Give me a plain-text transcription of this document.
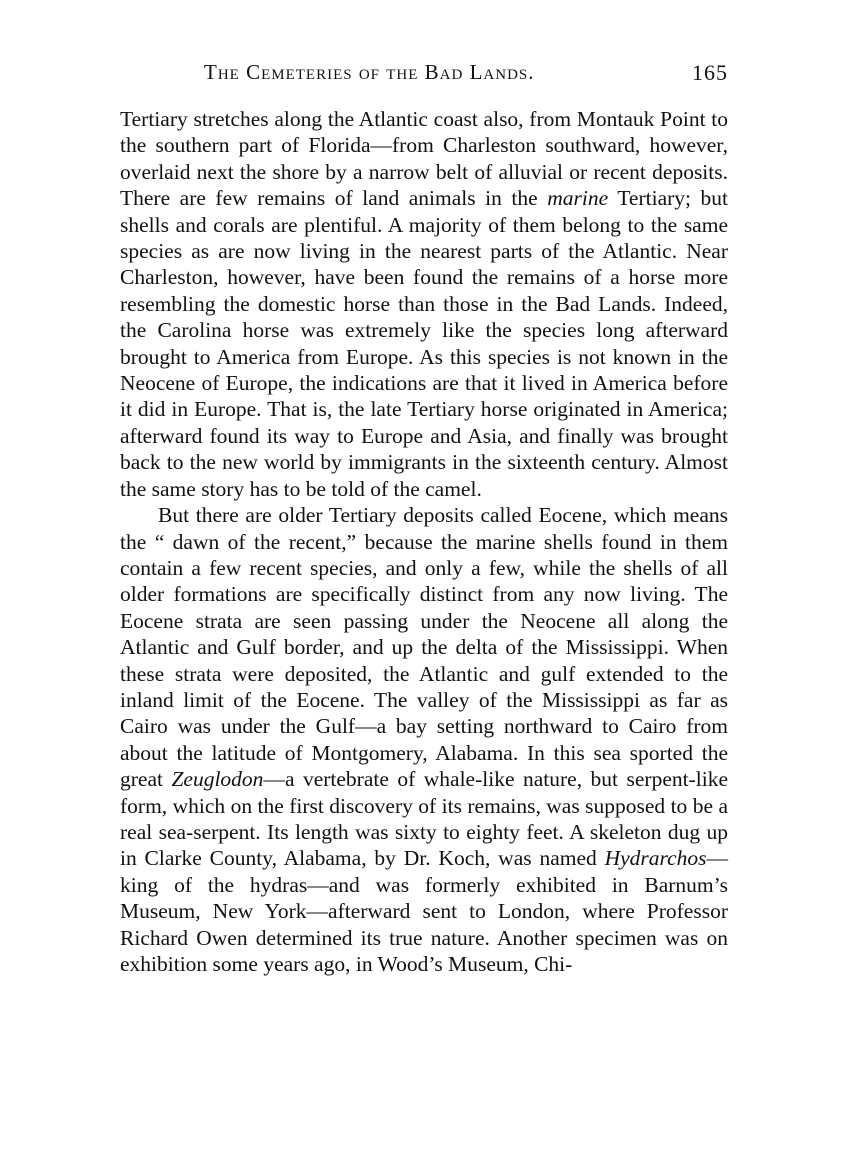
The Cemeteries of the Bad Lands.	165

Tertiary stretches along the Atlantic coast also, from Montauk Point to the southern part of Florida—from Charleston southward, however, overlaid next the shore by a narrow belt of alluvial or recent deposits. There are few remains of land animals in the marine Tertiary; but shells and corals are plentiful. A majority of them belong to the same species as are now living in the nearest parts of the Atlantic. Near Charleston, however, have been found the remains of a horse more resembling the domestic horse than those in the Bad Lands. Indeed, the Carolina horse was extremely like the species long afterward brought to America from Europe. As this species is not known in the Neocene of Europe, the indications are that it lived in America before it did in Europe. That is, the late Tertiary horse originated in America; afterward found its way to Europe and Asia, and finally was brought back to the new world by immigrants in the sixteenth century. Almost the same story has to be told of the camel.

But there are older Tertiary deposits called Eocene, which means the “ dawn of the recent,” because the marine shells found in them contain a few recent species, and only a few, while the shells of all older formations are specifically distinct from any now living. The Eocene strata are seen passing under the Neocene all along the Atlantic and Gulf border, and up the delta of the Mississippi. When these strata were deposited, the Atlantic and gulf extended to the inland limit of the Eocene. The valley of the Mississippi as far as Cairo was under the Gulf—a bay setting northward to Cairo from about the latitude of Montgomery, Alabama. In this sea sported the great Zeuglodon—a vertebrate of whale-like nature, but serpent-like form, which on the first discovery of its remains, was supposed to be a real sea-serpent. Its length was sixty to eighty feet. A skeleton dug up in Clarke County, Alabama, by Dr. Koch, was named Hydrarchos—king of the hydras—and was formerly exhibited in Barnum’s Museum, New York—afterward sent to London, where Professor Richard Owen determined its true nature. Another specimen was on exhibition some years ago, in Wood’s Museum, Chi-
